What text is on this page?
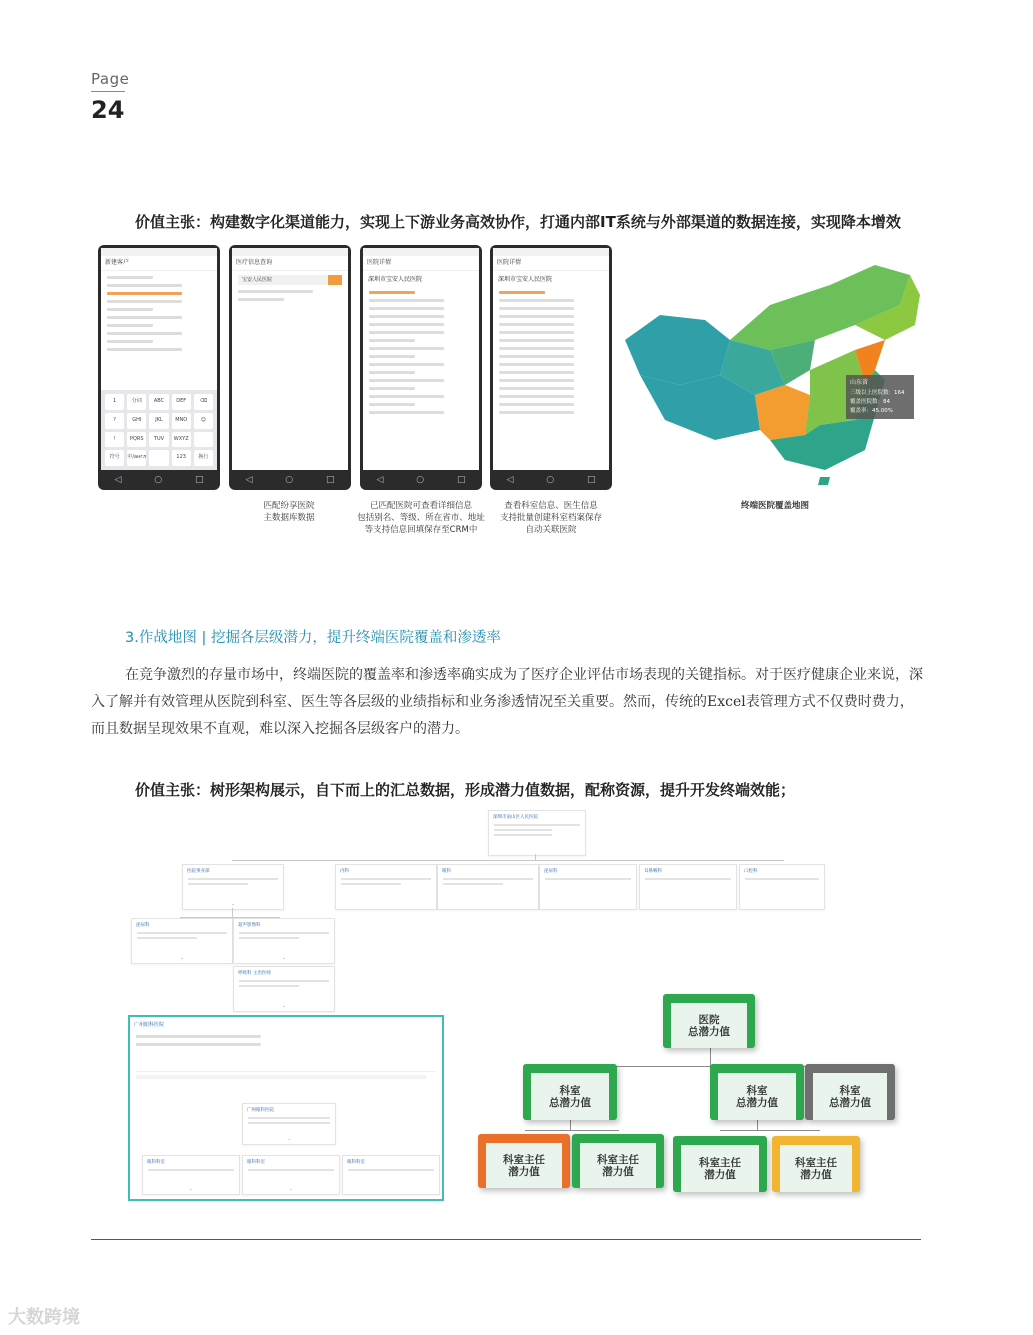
Page
24
价值主张：构建数字化渠道能力，实现上下游业务高效协作，打通内部IT系统与外部渠道的数据连接，实现降本增效
新建客户
1	分词	ABC	DEF	⌫
?	GHI	JKL	MNO	☺
!	PQRS	TUV	WXYZ
符号	中/англ	123	换行
◁	○	□
医疗信息查询
宝安人民医院
◁	○	□
医院详情
深圳市宝安人民医院
◁	○	□
医院详情
深圳市宝安人民医院
◁	○	□
山东省
三级以上医院数：164
覆盖医院数：84
覆盖率：45.00%
匹配纷享医院
主数据库数据
已匹配医院可查看详细信息
包括别名、等级、所在省市、地址
等支持信息回填保存至CRM中
查看科室信息、医生信息
支持批量创建科室档案保存
自动关联医院
终端医院覆盖地图
3.作战地图 | 挖掘各层级潜力，提升终端医院覆盖和渗透率
在竞争激烈的存量市场中，终端医院的覆盖率和渗透率确实成为了医疗企业评估市场表现的关键指标。对于医疗健康企业来说，深入了解并有效管理从医院到科室、医生等各层级的业绩指标和业务渗透情况至关重要。然而，传统的Excel表管理方式不仅费时费力，而且数据呈现效果不直观，难以深入挖掘各层级客户的潜力。
价值主张：树形架构展示，自下而上的汇总数据，形成潜力值数据，配称资源，提升开发终端效能；
深圳市南山区人民医院
医院事业部
⌄
内科	眼科	泌尿科	耳鼻喉科	口腔科
泌尿科
⌄
超声影像科
⌄
呼吸科 主治医师
⌄
广州眼科医院
广州眼科医院
⌄
眼科科室
⌄
眼科科室
⌄
眼科科室
医院
总潜力值
科室
总潜力值
科室
总潜力值
科室
总潜力值
科室主任
潜力值
科室主任
潜力值
科室主任
潜力值
科室主任
潜力值
大数跨境
